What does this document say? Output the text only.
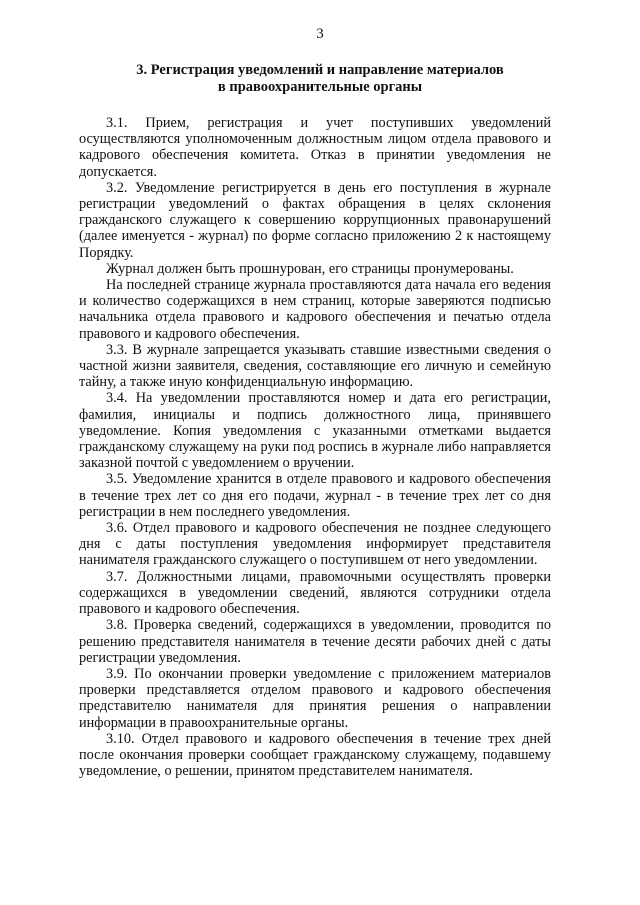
3
3. Регистрация уведомлений и направление материалов
в правоохранительные органы

3.1. Прием, регистрация и учет поступивших уведомлений осуществляются уполномоченным должностным лицом отдела правового и кадрового обеспечения комитета. Отказ в принятии уведомления не допускается.

3.2. Уведомление регистрируется в день его поступления в журнале регистрации уведомлений о фактах обращения в целях склонения гражданского служащего к совершению коррупционных правонарушений (далее именуется - журнал) по форме согласно приложению 2 к настоящему Порядку.

Журнал должен быть прошнурован, его страницы пронумерованы.

На последней странице журнала проставляются дата начала его ведения и количество содержащихся в нем страниц, которые заверяются подписью начальника отдела правового и кадрового обеспечения и печатью отдела правового и кадрового обеспечения.

3.3. В журнале запрещается указывать ставшие известными сведения о частной жизни заявителя, сведения, составляющие его личную и семейную тайну, а также иную конфиденциальную информацию.

3.4. На уведомлении проставляются номер и дата его регистрации, фамилия, инициалы и подпись должностного лица, принявшего уведомление. Копия уведомления с указанными отметками выдается гражданскому служащему на руки под роспись в журнале либо направляется заказной почтой с уведомлением о вручении.

3.5. Уведомление хранится в отделе правового и кадрового обеспечения в течение трех лет со дня его подачи, журнал - в течение трех лет со дня регистрации в нем последнего уведомления.

3.6. Отдел правового и кадрового обеспечения не позднее следующего дня с даты поступления уведомления информирует представителя нанимателя гражданского служащего о поступившем от него уведомлении.

3.7. Должностными лицами, правомочными осуществлять проверки содержащихся в уведомлении сведений, являются сотрудники отдела правового и кадрового обеспечения.

3.8. Проверка сведений, содержащихся в уведомлении, проводится по решению представителя нанимателя в течение десяти рабочих дней с даты регистрации уведомления.

3.9. По окончании проверки уведомление с приложением материалов проверки представляется отделом правового и кадрового обеспечения представителю нанимателя для принятия решения о направлении информации в правоохранительные органы.

3.10. Отдел правового и кадрового обеспечения в течение трех дней после окончания проверки сообщает гражданскому служащему, подавшему уведомление, о решении, принятом представителем нанимателя.
